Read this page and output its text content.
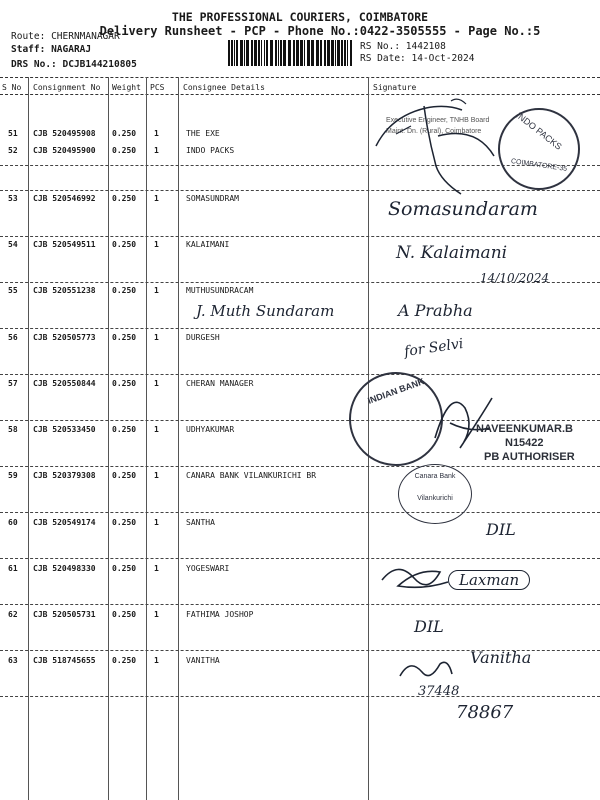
THE PROFESSIONAL COURIERS, COIMBATORE
Delivery Runsheet - PCP - Phone No.:0422-3505555 - Page No.:5
Route: CHERNMANAGAR
Staff: NAGARAJ
DRS No.: DCJB144210805
RS No.: 1442108
RS Date: 14-Oct-2024
S No Consignment No Weight PCS Consignee Details	Signature
51 CJB 520495908 0.250 1	THE EXE
52 CJB 520495900 0.250 1	INDO PACKS
53 CJB 520546992 0.250 1	SOMASUNDRAM
54 CJB 520549511 0.250 1	KALAIMANI
55 CJB 520551238 0.250 1	MUTHUSUNDRACAM
56 CJB 520505773 0.250 1	DURGESH
57 CJB 520550844 0.250 1	CHERAN MANAGER
58 CJB 520533450 0.250 1	UDHYAKUMAR
59 CJB 520379308 0.250 1	CANARA BANK VILANKURICHI BR
60 CJB 520549174 0.250 1	SANTHA
61 CJB 520498330 0.250 1	YOGESWARI
62 CJB 520505731 0.250 1	FATHIMA JOSHOP
63 CJB 518745655 0.250 1	VANITHA
Executive Engineer, TNHB Board
Maint. Dn. (Rural), Coimbatore	INDO PACKS
COIMBATORE-35
Somasundaram
N. Kalaimani
14/10/2024
J. Muth Sundaram	A Prabha
for Selvi
INDIAN BANK
NAVEENKUMAR.B
N15422
PB AUTHORISER
Canara Bank
Vilankurichi
DIL
Laxman
DIL
Vanitha
37448
78867
